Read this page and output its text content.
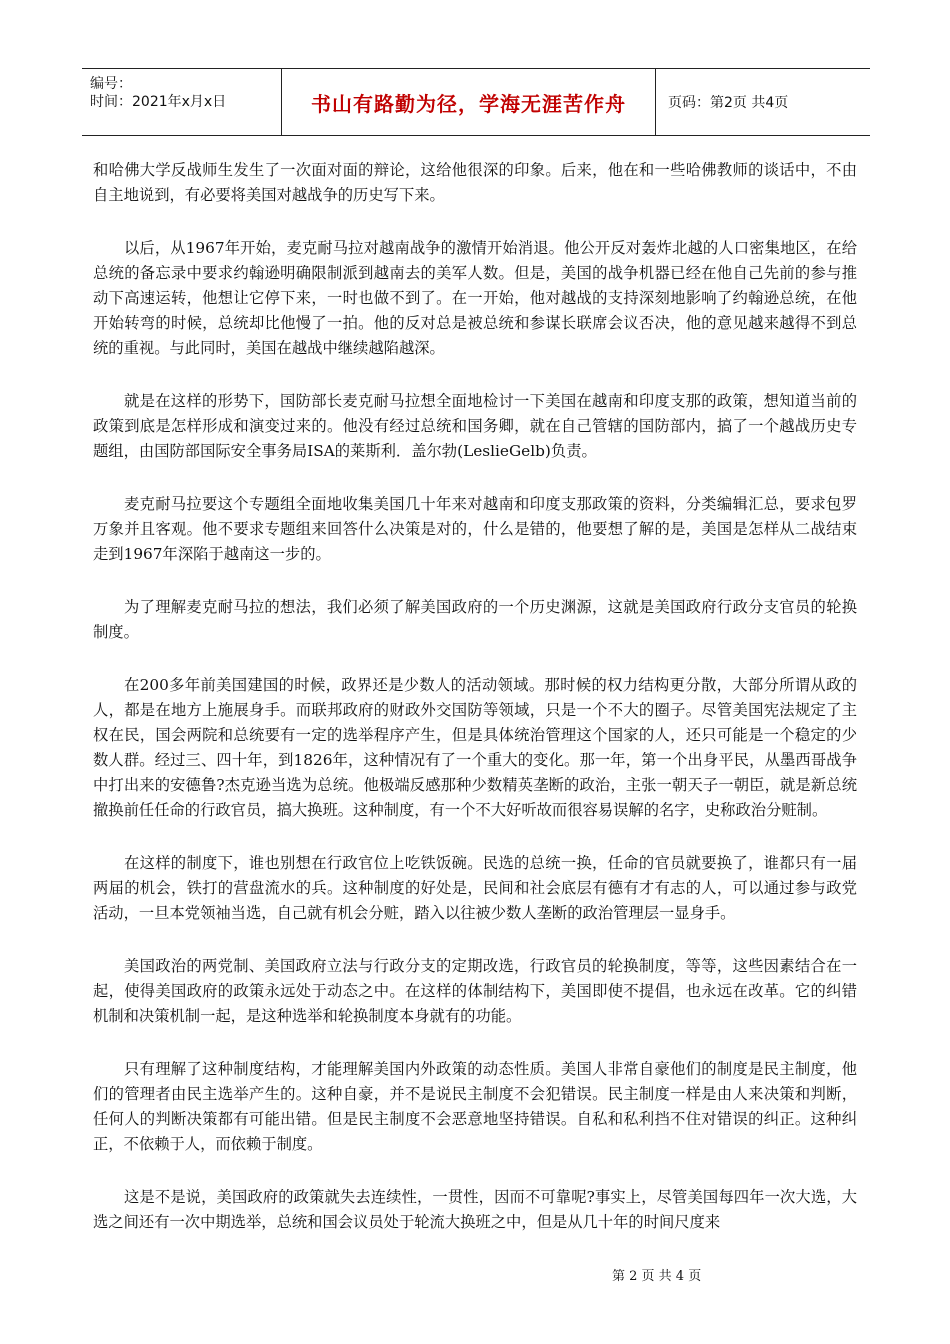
编号：
时间：2021年x月x日	书山有路勤为径，学海无涯苦作舟	页码：第2页 共4页

和哈佛大学反战师生发生了一次面对面的辩论，这给他很深的印象。后来，他在和一些哈佛教师的谈话中，不由自主地说到，有必要将美国对越战争的历史写下来。

以后，从1967年开始，麦克耐马拉对越南战争的激情开始消退。他公开反对轰炸北越的人口密集地区，在给总统的备忘录中要求约翰逊明确限制派到越南去的美军人数。但是，美国的战争机器已经在他自己先前的参与推动下高速运转，他想让它停下来，一时也做不到了。在一开始，他对越战的支持深刻地影响了约翰逊总统，在他开始转弯的时候，总统却比他慢了一拍。他的反对总是被总统和参谋长联席会议否决，他的意见越来越得不到总统的重视。与此同时，美国在越战中继续越陷越深。

就是在这样的形势下，国防部长麦克耐马拉想全面地检讨一下美国在越南和印度支那的政策，想知道当前的政策到底是怎样形成和演变过来的。他没有经过总统和国务卿，就在自己管辖的国防部内，搞了一个越战历史专题组，由国防部国际安全事务局ISA的莱斯利．盖尔勃(LeslieGelb)负责。

麦克耐马拉要这个专题组全面地收集美国几十年来对越南和印度支那政策的资料，分类编辑汇总，要求包罗万象并且客观。他不要求专题组来回答什么决策是对的，什么是错的，他要想了解的是，美国是怎样从二战结束走到1967年深陷于越南这一步的。

为了理解麦克耐马拉的想法，我们必须了解美国政府的一个历史渊源，这就是美国政府行政分支官员的轮换制度。

在200多年前美国建国的时候，政界还是少数人的活动领域。那时候的权力结构更分散，大部分所谓从政的人，都是在地方上施展身手。而联邦政府的财政外交国防等领域，只是一个不大的圈子。尽管美国宪法规定了主权在民，国会两院和总统要有一定的选举程序产生，但是具体统治管理这个国家的人，还只可能是一个稳定的少数人群。经过三、四十年，到1826年，这种情况有了一个重大的变化。那一年，第一个出身平民，从墨西哥战争中打出来的安德鲁?杰克逊当选为总统。他极端反感那种少数精英垄断的政治，主张一朝天子一朝臣，就是新总统撤换前任任命的行政官员，搞大换班。这种制度，有一个不大好听故而很容易误解的名字，史称政治分赃制。

在这样的制度下，谁也别想在行政官位上吃铁饭碗。民选的总统一换，任命的官员就要换了，谁都只有一届两届的机会，铁打的营盘流水的兵。这种制度的好处是，民间和社会底层有德有才有志的人，可以通过参与政党活动，一旦本党领袖当选，自己就有机会分赃，踏入以往被少数人垄断的政治管理层一显身手。

美国政治的两党制、美国政府立法与行政分支的定期改选，行政官员的轮换制度，等等，这些因素结合在一起，使得美国政府的政策永远处于动态之中。在这样的体制结构下，美国即使不提倡，也永远在改革。它的纠错机制和决策机制一起，是这种选举和轮换制度本身就有的功能。

只有理解了这种制度结构，才能理解美国内外政策的动态性质。美国人非常自豪他们的制度是民主制度，他们的管理者由民主选举产生的。这种自豪，并不是说民主制度不会犯错误。民主制度一样是由人来决策和判断，任何人的判断决策都有可能出错。但是民主制度不会恶意地坚持错误。自私和私利挡不住对错误的纠正。这种纠正，不依赖于人，而依赖于制度。

这是不是说，美国政府的政策就失去连续性，一贯性，因而不可靠呢?事实上，尽管美国每四年一次大选，大选之间还有一次中期选举，总统和国会议员处于轮流大换班之中，但是从几十年的时间尺度来

第 2 页 共 4 页
